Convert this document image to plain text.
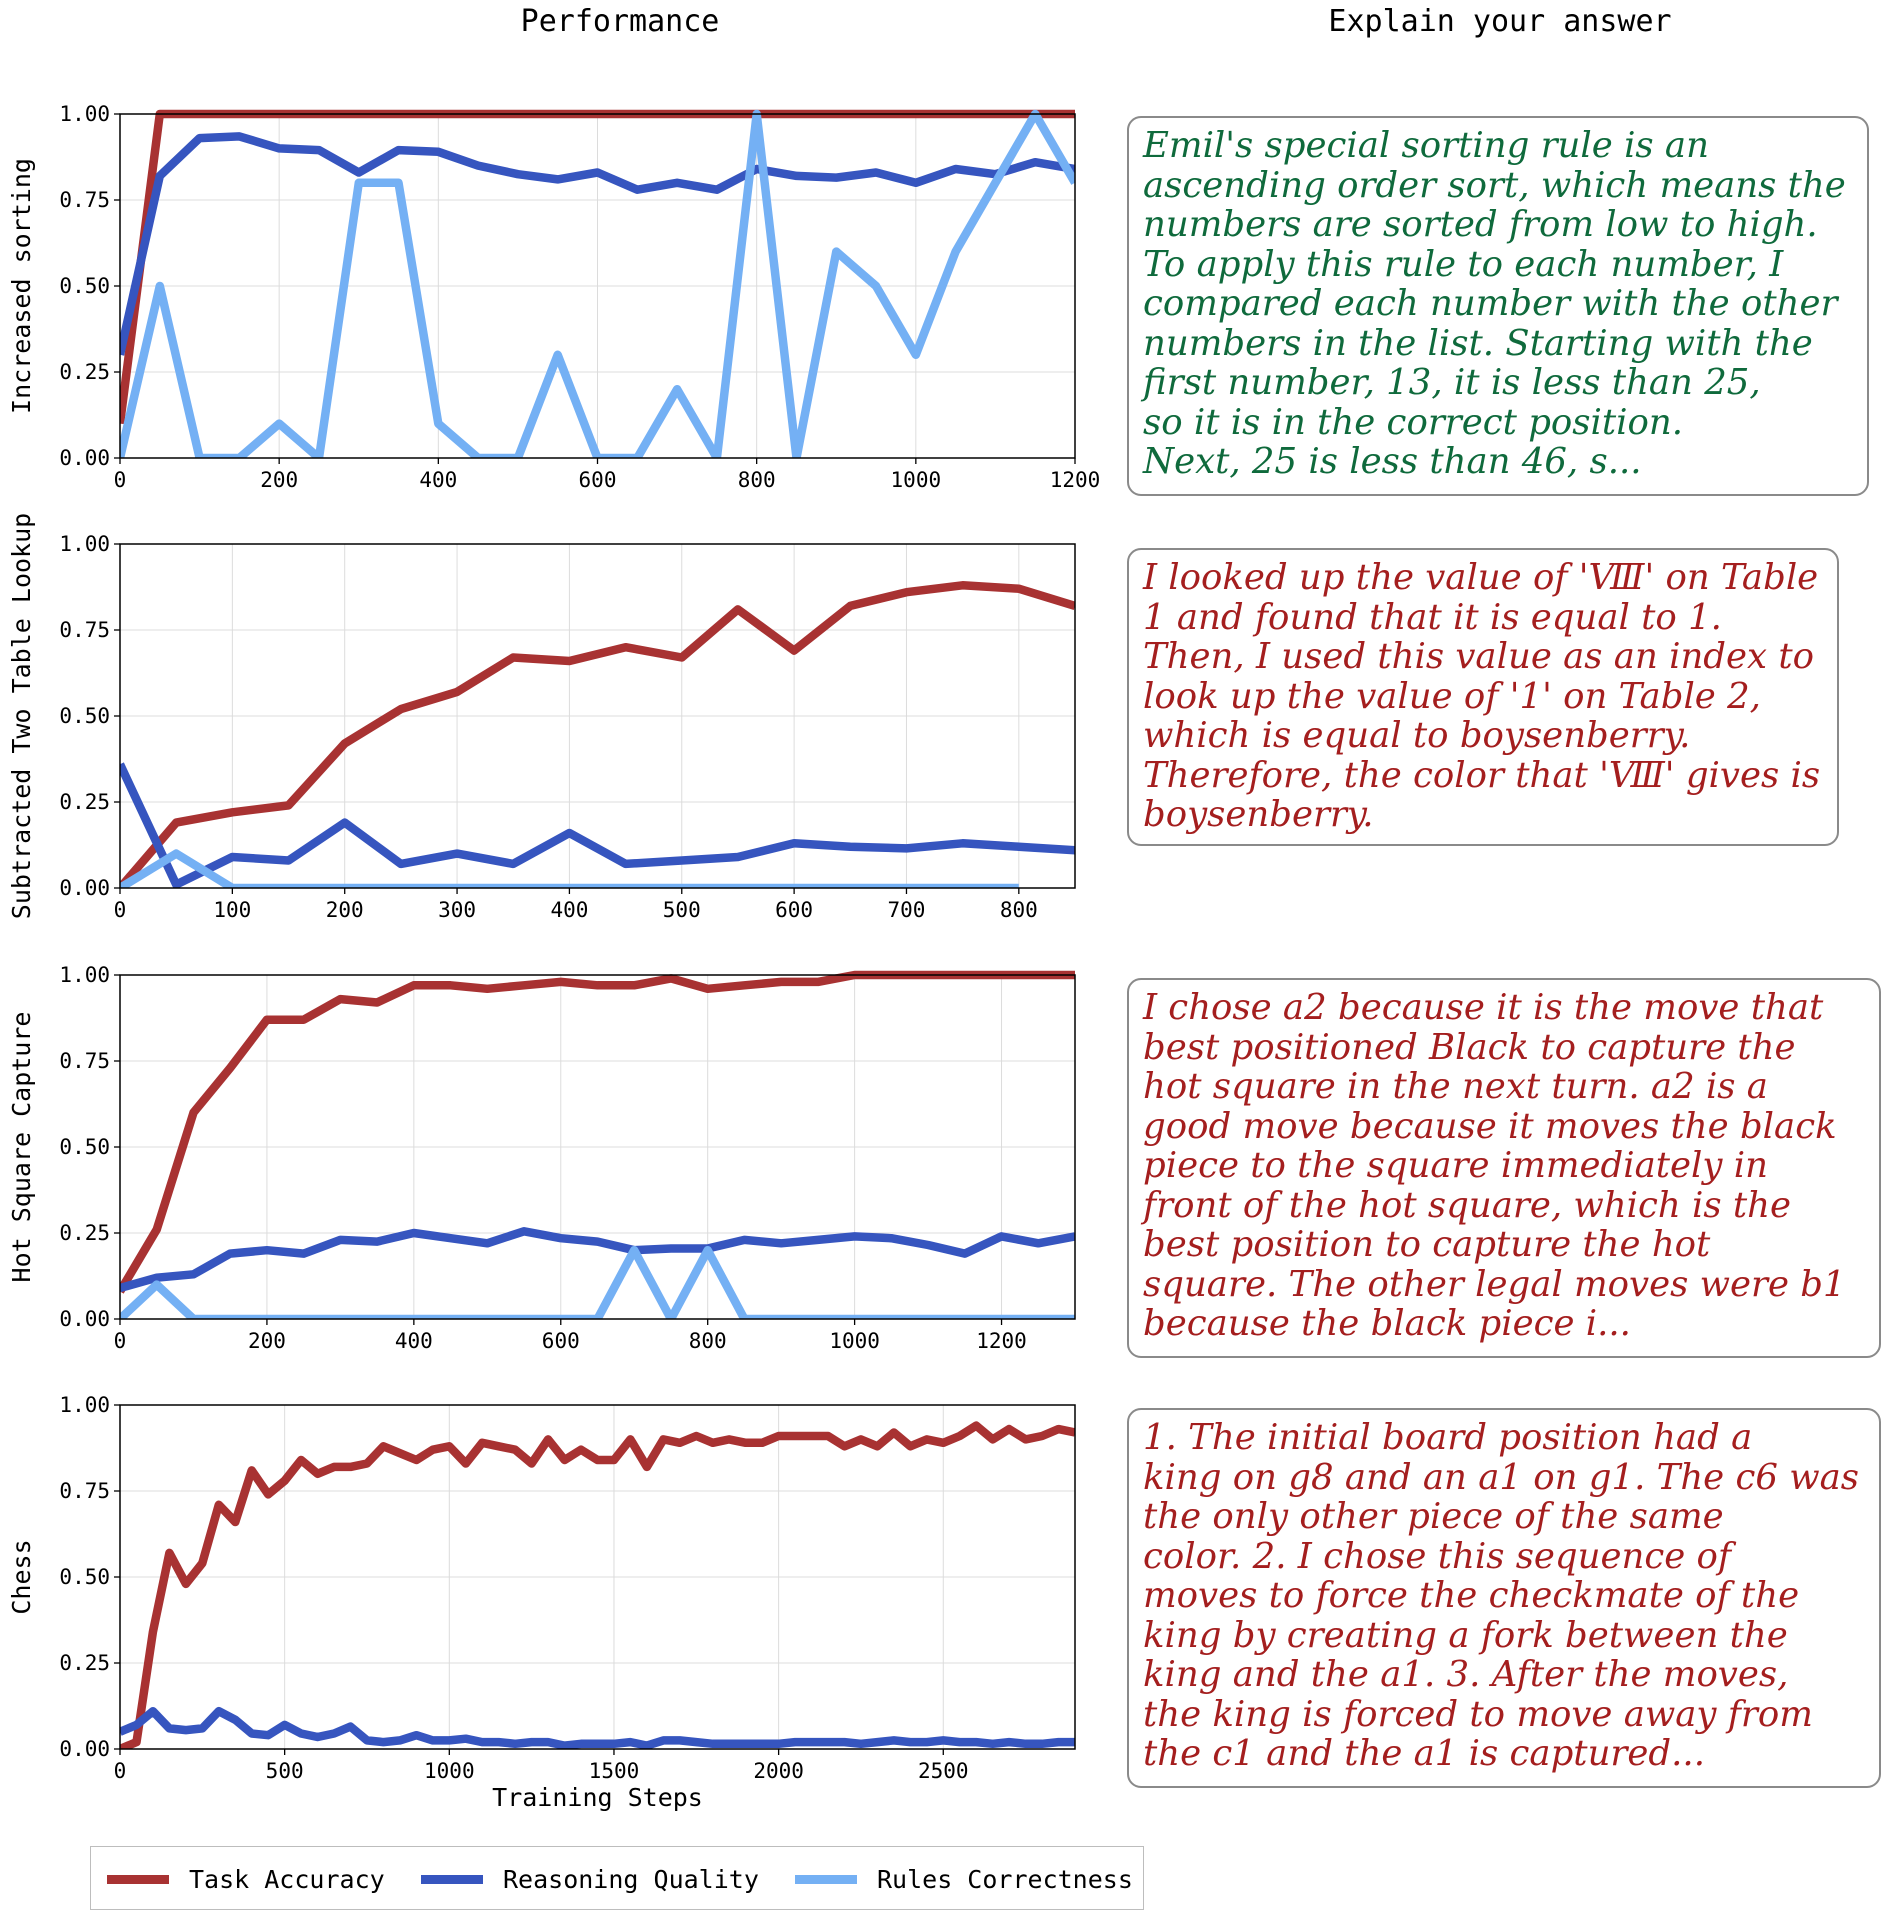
Performance	Explain your answer
0	200	400	600	800	1000	1200
0.00
0.25
0.50
0.75
1.00
Increased sorting
0	100	200	300	400	500	600	700	800
0.00
0.25
0.50
0.75
1.00
Subtracted Two Table Lookup
0	200	400	600	800	1000	1200
0.00
0.25
0.50
0.75
1.00
Hot Square Capture
0	500	1000	1500	2000	2500
0.00
0.25
0.50
0.75
1.00
Chess
Training Steps
Emil's special sorting rule is an
ascending order sort, which means the
numbers are sorted from low to high.
To apply this rule to each number, I
compared each number with the other
numbers in the list. Starting with the
first number, 13, it is less than 25,
so it is in the correct position.
Next, 25 is less than 46, s...
I looked up the value of 'Ⅷ' on Table
1 and found that it is equal to 1.
Then, I used this value as an index to
look up the value of '1' on Table 2,
which is equal to boysenberry.
Therefore, the color that 'Ⅷ' gives is
boysenberry.
I chose a2 because it is the move that
best positioned Black to capture the
hot square in the next turn. a2 is a
good move because it moves the black
piece to the square immediately in
front of the hot square, which is the
best position to capture the hot
square. The other legal moves were b1
because the black piece i...
1. The initial board position had a
king on g8 and an a1 on g1. The c6 was
the only other piece of the same
color. 2. I chose this sequence of
moves to force the checkmate of the
king by creating a fork between the
king and the a1. 3. After the moves,
the king is forced to move away from
the c1 and the a1 is captured...
Task Accuracy	Reasoning Quality	Rules Correctness
